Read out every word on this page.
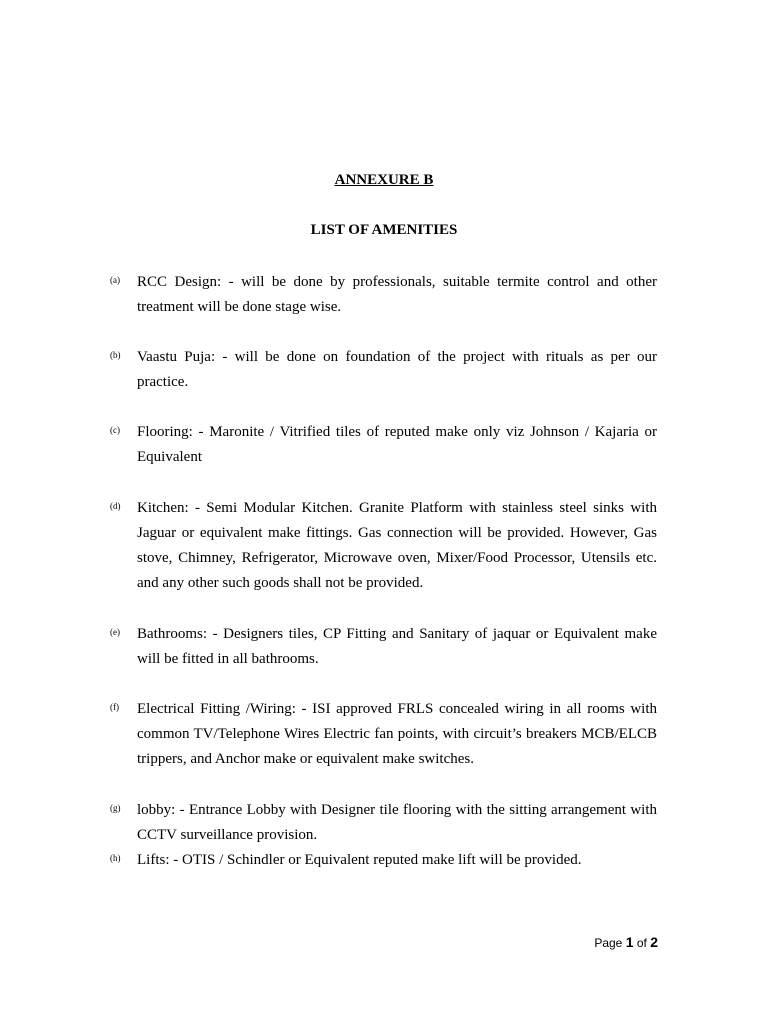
ANNEXURE B
LIST OF AMENITIES
(a) RCC Design: - will be done by professionals, suitable termite control and other treatment will be done stage wise.
(b) Vaastu Puja: - will be done on foundation of the project with rituals as per our practice.
(c) Flooring: - Maronite / Vitrified tiles of reputed make only viz Johnson / Kajaria or Equivalent
(d) Kitchen: - Semi Modular Kitchen. Granite Platform with stainless steel sinks with Jaguar or equivalent make fittings. Gas connection will be provided. However, Gas stove, Chimney, Refrigerator, Microwave oven, Mixer/Food Processor, Utensils etc. and any other such goods shall not be provided.
(e) Bathrooms: - Designers tiles, CP Fitting and Sanitary of jaquar or Equivalent make will be fitted in all bathrooms.
(f) Electrical Fitting /Wiring: - ISI approved FRLS concealed wiring in all rooms with common TV/Telephone Wires Electric fan points, with circuit’s breakers MCB/ELCB trippers, and Anchor make or equivalent make switches.
(g) lobby: - Entrance Lobby with Designer tile flooring with the sitting arrangement with CCTV surveillance provision.
(h) Lifts: - OTIS / Schindler or Equivalent reputed make lift will be provided.
Page 1 of 2
